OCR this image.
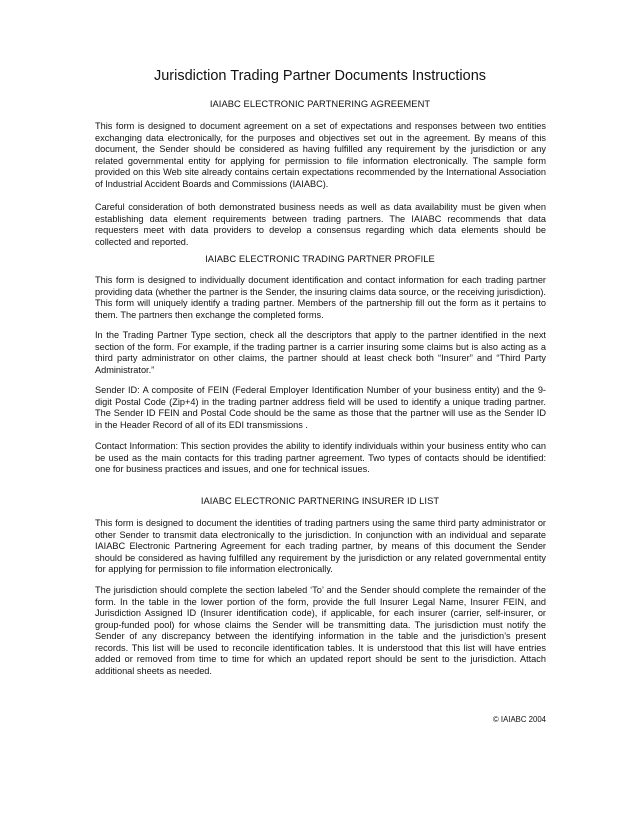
Jurisdiction Trading Partner Documents Instructions
IAIABC ELECTRONIC PARTNERING AGREEMENT

This form is designed to document agreement on a set of expectations and responses between two entities exchanging data electronically, for the purposes and objectives set out in the agreement. By means of this document, the Sender should be considered as having fulfilled any requirement by the jurisdiction or any related governmental entity for applying for permission to file information electronically. The sample form provided on this Web site already contains certain expectations recommended by the International Association of Industrial Accident Boards and Commissions (IAIABC).

Careful consideration of both demonstrated business needs as well as data availability must be given when establishing data element requirements between trading partners. The IAIABC recommends that data requesters meet with data providers to develop a consensus regarding which data elements should be collected and reported.

IAIABC ELECTRONIC TRADING PARTNER PROFILE

This form is designed to individually document identification and contact information for each trading partner providing data (whether the partner is the Sender, the insuring claims data source, or the receiving jurisdiction). This form will uniquely identify a trading partner. Members of the partnership fill out the form as it pertains to them. The partners then exchange the completed forms.

In the Trading Partner Type section, check all the descriptors that apply to the partner identified in the next section of the form. For example, if the trading partner is a carrier insuring some claims but is also acting as a third party administrator on other claims, the partner should at least check both “Insurer” and “Third Party Administrator.”

Sender ID: A composite of FEIN (Federal Employer Identification Number of your business entity) and the 9-digit Postal Code (Zip+4) in the trading partner address field will be used to identify a unique trading partner. The Sender ID FEIN and Postal Code should be the same as those that the partner will use as the Sender ID in the Header Record of all of its EDI transmissions .

Contact Information: This section provides the ability to identify individuals within your business entity who can be used as the main contacts for this trading partner agreement. Two types of contacts should be identified: one for business practices and issues, and one for technical issues.

IAIABC ELECTRONIC PARTNERING INSURER ID LIST

This form is designed to document the identities of trading partners using the same third party administrator or other Sender to transmit data electronically to the jurisdiction. In conjunction with an individual and separate IAIABC Electronic Partnering Agreement for each trading partner, by means of this document the Sender should be considered as having fulfilled any requirement by the jurisdiction or any related governmental entity for applying for permission to file information electronically.

The jurisdiction should complete the section labeled ‘To’ and the Sender should complete the remainder of the form. In the table in the lower portion of the form, provide the full Insurer Legal Name, Insurer FEIN, and Jurisdiction Assigned ID (Insurer identification code), if applicable, for each insurer (carrier, self-insurer, or group-funded pool) for whose claims the Sender will be transmitting data. The jurisdiction must notify the Sender of any discrepancy between the identifying information in the table and the jurisdiction’s present records. This list will be used to reconcile identification tables. It is understood that this list will have entries added or removed from time to time for which an updated report should be sent to the jurisdiction. Attach additional sheets as needed.

© IAIABC 2004
